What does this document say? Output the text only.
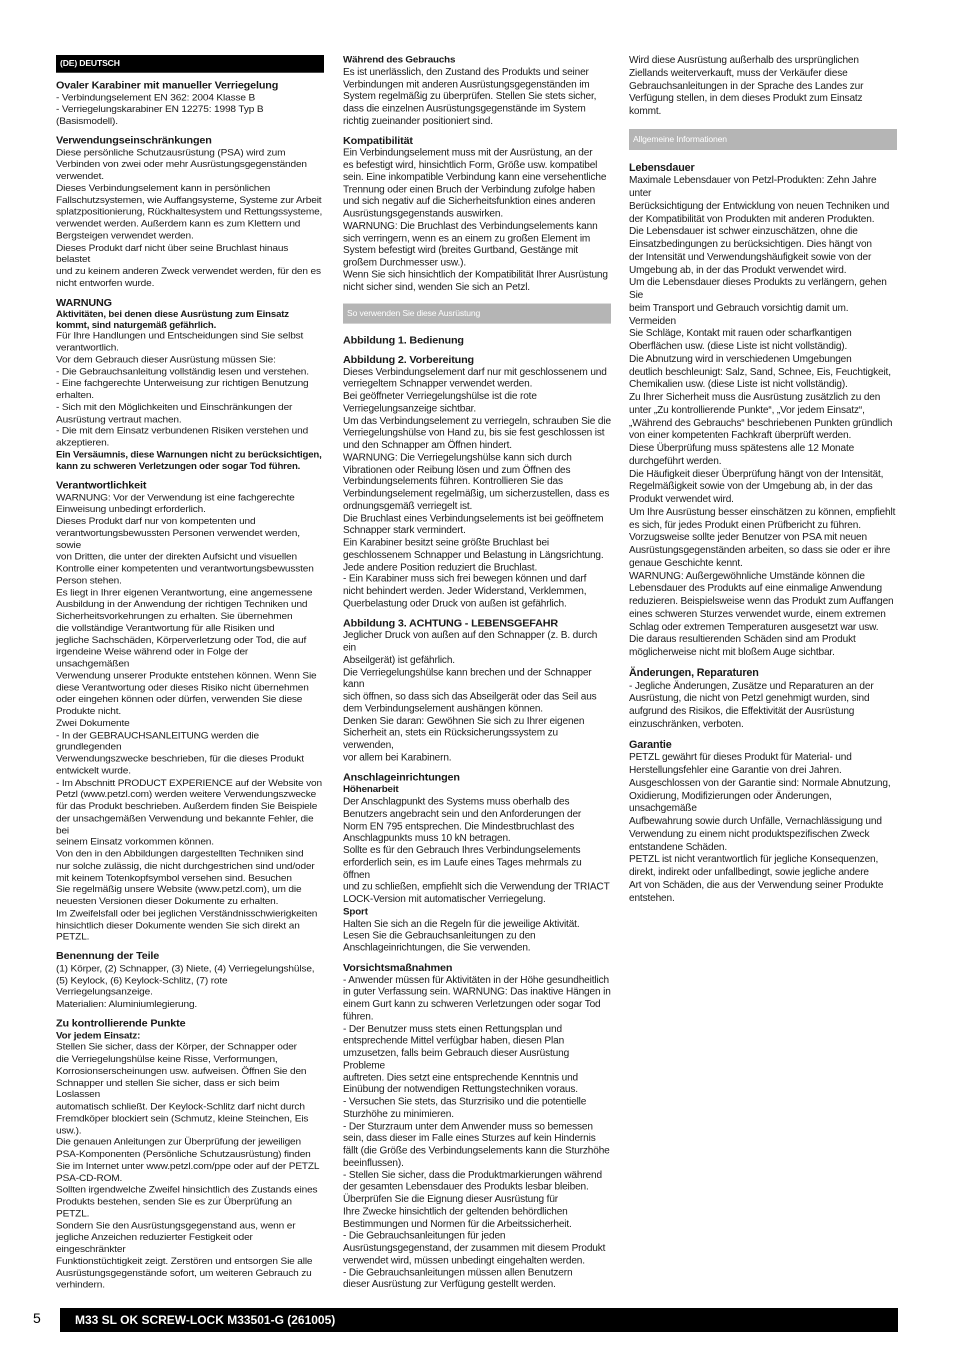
(DE) DEUTSCH
Ovaler Karabiner mit manueller Verriegelung
- Verbindungselement EN 362: 2004 Klasse B
- Verriegelungskarabiner EN 12275: 1998 Typ B
(Basismodell).
Verwendungseinschränkungen
Diese persönliche Schutzausrüstung (PSA) wird zum
Verbinden von zwei oder mehr Ausrüstungsgegenständen
verwendet.
Dieses Verbindungselement kann in persönlichen
Fallschutzsystemen, wie Auffangsysteme, Systeme zur Arbeit
splatzpositionierung, Rückhaltesystem und Rettungssysteme,
verwendet werden. Außerdem kann es zum Klettern und
Bergsteigen verwendet werden.
Dieses Produkt darf nicht über seine Bruchlast hinaus belastet
und zu keinem anderen Zweck verwendet werden, für den es
nicht entworfen wurde.
WARNUNG
Aktivitäten, bei denen diese Ausrüstung zum Einsatz
kommt, sind naturgemäß gefährlich.
Für Ihre Handlungen und Entscheidungen sind Sie selbst
verantwortlich.
Vor dem Gebrauch dieser Ausrüstung müssen Sie:
- Die Gebrauchsanleitung vollständig lesen und verstehen.
- Eine fachgerechte Unterweisung zur richtigen Benutzung
erhalten.
- Sich mit den Möglichkeiten und Einschränkungen der
Ausrüstung vertraut machen.
- Die mit dem Einsatz verbundenen Risiken verstehen und
akzeptieren.
Ein Versäumnis, diese Warnungen nicht zu berücksichtigen,
kann zu schweren Verletzungen oder sogar Tod führen.
Verantwortlichkeit
WARNUNG: Vor der Verwendung ist eine fachgerechte
Einweisung unbedingt erforderlich.
Dieses Produkt darf nur von kompetenten und
verantwortungsbewussten Personen verwendet werden, sowie
von Dritten, die unter der direkten Aufsicht und visuellen
Kontrolle einer kompetenten und verantwortungsbewussten
Person stehen.
Es liegt in Ihrer eigenen Verantwortung, eine angemessene
Ausbildung in der Anwendung der richtigen Techniken und
Sicherheitsvorkehrungen zu erhalten. Sie übernehmen
die vollständige Verantwortung für alle Risiken und
jegliche Sachschäden, Körperverletzung oder Tod, die auf
irgendeine Weise während oder in Folge der unsachgemäßen
Verwendung unserer Produkte entstehen können. Wenn Sie
diese Verantwortung oder dieses Risiko nicht übernehmen
oder eingehen können oder dürfen, verwenden Sie diese
Produkte nicht.
Zwei Dokumente
- In der GEBRAUCHSANLEITUNG werden die grundlegenden
Verwendungszwecke beschrieben, für die dieses Produkt
entwickelt wurde.
- Im Abschnitt PRODUCT EXPERIENCE auf der Website von
Petzl (www.petzl.com) werden weitere Verwendungszwecke
für das Produkt beschrieben. Außerdem finden Sie Beispiele
der unsachgemäßen Verwendung und bekannte Fehler, die bei
seinem Einsatz vorkommen können.
Von den in den Abbildungen dargestellten Techniken sind
nur solche zulässig, die nicht durchgestrichen sind und/oder
mit keinem Totenkopfsymbol versehen sind. Besuchen
Sie regelmäßig unsere Website (www.petzl.com), um die
neuesten Versionen dieser Dokumente zu erhalten.
Im Zweifelsfall oder bei jeglichen Verständnisschwierigkeiten
hinsichtlich dieser Dokumente wenden Sie sich direkt an
PETZL.
Benennung der Teile
(1) Körper, (2) Schnapper, (3) Niete, (4) Verriegelungshülse,
(5) Keylock, (6) Keylock-Schlitz, (7) rote
Verriegelungsanzeige.
Materialien: Aluminiumlegierung.
Zu kontrollierende Punkte
Vor jedem Einsatz:
Stellen Sie sicher, dass der Körper, der Schnapper oder
die Verriegelungshülse keine Risse, Verformungen,
Korrosionserscheinungen usw. aufweisen. Öffnen Sie den
Schnapper und stellen Sie sicher, dass er sich beim Loslassen
automatisch schließt. Der Keylock-Schlitz darf nicht durch
Fremdköper blockiert sein (Schmutz, kleine Steinchen, Eis
usw.).
Die genauen Anleitungen zur Überprüfung der jeweiligen
PSA-Komponenten (Persönliche Schutzausrüstung) finden
Sie im Internet unter www.petzl.com/ppe oder auf der PETZL
PSA-CD-ROM.
Sollten irgendwelche Zweifel hinsichtlich des Zustands eines
Produkts bestehen, senden Sie es zur Überprüfung an PETZL.
Sondern Sie den Ausrüstungsgegenstand aus, wenn er
jegliche Anzeichen reduzierter Festigkeit oder eingeschränkter
Funktionstüchtigkeit zeigt. Zerstören und entsorgen Sie alle
Ausrüstungsgegenstände sofort, um weiteren Gebrauch zu
verhindern.
Während des Gebrauchs
Es ist unerlässlich, den Zustand des Produkts und seiner
Verbindungen mit anderen Ausrüstungsgegenständen im
System regelmäßig zu überprüfen. Stellen Sie stets sicher,
dass die einzelnen Ausrüstungsgegenstände im System
richtig zueinander positioniert sind.
Kompatibilität
Ein Verbindungselement muss mit der Ausrüstung, an der
es befestigt wird, hinsichtlich Form, Größe usw. kompatibel
sein. Eine inkompatible Verbindung kann eine versehentliche
Trennung oder einen Bruch der Verbindung zufolge haben
und sich negativ auf die Sicherheitsfunktion eines anderen
Ausrüstungsgegenstands auswirken.
WARNUNG: Die Bruchlast des Verbindungselements kann
sich verringern, wenn es an einem zu großen Element im
System befestigt wird (breites Gurtband, Gestänge mit
großem Durchmesser usw.).
Wenn Sie sich hinsichtlich der Kompatibilität Ihrer Ausrüstung
nicht sicher sind, wenden Sie sich an Petzl.
So verwenden Sie diese Ausrüstung
Abbildung 1. Bedienung
Abbildung 2. Vorbereitung
Dieses Verbindungselement darf nur mit geschlossenem und
verriegeltem Schnapper verwendet werden.
Bei geöffneter Verriegelungshülse ist die rote
Verriegelungsanzeige sichtbar.
Um das Verbindungselement zu verriegeln, schrauben Sie die
Verriegelungshülse von Hand zu, bis sie fest geschlossen ist
und den Schnapper am Öffnen hindert.
WARNUNG: Die Verriegelungshülse kann sich durch
Vibrationen oder Reibung lösen und zum Öffnen des
Verbindungselements führen. Kontrollieren Sie das
Verbindungselement regelmäßig, um sicherzustellen, dass es
ordnungsgemäß verriegelt ist.
Die Bruchlast eines Verbindungselements ist bei geöffnetem
Schnapper stark vermindert.
Ein Karabiner besitzt seine größte Bruchlast bei
geschlossenem Schnapper und Belastung in Längsrichtung.
Jede andere Position reduziert die Bruchlast.
- Ein Karabiner muss sich frei bewegen können und darf
nicht behindert werden. Jeder Widerstand, Verklemmen,
Querbelastung oder Druck von außen ist gefährlich.
Abbildung 3. ACHTUNG - LEBENSGEFAHR
Jeglicher Druck von außen auf den Schnapper (z. B. durch ein
Abseilgerät) ist gefährlich.
Die Verriegelungshülse kann brechen und der Schnapper kann
sich öffnen, so dass sich das Abseilgerät oder das Seil aus
dem Verbindungselement aushängen können.
Denken Sie daran: Gewöhnen Sie sich zu Ihrer eigenen
Sicherheit an, stets ein Rücksicherungssystem zu verwenden,
vor allem bei Karabinern.
Anschlageinrichtungen
Höhenarbeit
Der Anschlagpunkt des Systems muss oberhalb des
Benutzers angebracht sein und den Anforderungen der
Norm EN 795 entsprechen. Die Mindestbruchlast des
Anschlagpunkts muss 10 kN betragen.
Sollte es für den Gebrauch Ihres Verbindungselements
erforderlich sein, es im Laufe eines Tages mehrmals zu öffnen
und zu schließen, empfiehlt sich die Verwendung der TRIACT
LOCK-Version mit automatischer Verriegelung.
Sport
Halten Sie sich an die Regeln für die jeweilige Aktivität.
Lesen Sie die Gebrauchsanleitungen zu den
Anschlageinrichtungen, die Sie verwenden.
Vorsichtsmaßnahmen
- Anwender müssen für Aktivitäten in der Höhe gesundheitlich
in guter Verfassung sein. WARNUNG: Das inaktive Hängen in
einem Gurt kann zu schweren Verletzungen oder sogar Tod
führen.
- Der Benutzer muss stets einen Rettungsplan und
entsprechende Mittel verfügbar haben, diesen Plan
umzusetzen, falls beim Gebrauch dieser Ausrüstung Probleme
auftreten. Dies setzt eine entsprechende Kenntnis und
Einübung der notwendigen Rettungstechniken voraus.
- Versuchen Sie stets, das Sturzrisiko und die potentielle
Sturzhöhe zu minimieren.
- Der Sturzraum unter dem Anwender muss so bemessen
sein, dass dieser im Falle eines Sturzes auf kein Hindernis
fällt (die Größe des Verbindungselements kann die Sturzhöhe
beeinflussen).
- Stellen Sie sicher, dass die Produktmarkierungen während
der gesamten Lebensdauer des Produkts lesbar bleiben.
Überprüfen Sie die Eignung dieser Ausrüstung für
Ihre Zwecke hinsichtlich der geltenden behördlichen
Bestimmungen und Normen für die Arbeitssicherheit.
- Die Gebrauchsanleitungen für jeden
Ausrüstungsgegenstand, der zusammen mit diesem Produkt
verwendet wird, müssen unbedingt eingehalten werden.
- Die Gebrauchsanleitungen müssen allen Benutzern
dieser Ausrüstung zur Verfügung gestellt werden.
Wird diese Ausrüstung außerhalb des ursprünglichen
Ziellands weiterverkauft, muss der Verkäufer diese
Gebrauchsanleitungen in der Sprache des Landes zur
Verfügung stellen, in dem dieses Produkt zum Einsatz kommt.
Allgemeine Informationen
Lebensdauer
Maximale Lebensdauer von Petzl-Produkten: Zehn Jahre unter
Berücksichtigung der Entwicklung von neuen Techniken und
der Kompatibilität von Produkten mit anderen Produkten.
Die Lebensdauer ist schwer einzuschätzen, ohne die
Einsatzbedingungen zu berücksichtigen. Dies hängt von
der Intensität und Verwendungshäufigkeit sowie von der
Umgebung ab, in der das Produkt verwendet wird.
Um die Lebensdauer dieses Produkts zu verlängern, gehen Sie
beim Transport und Gebrauch vorsichtig damit um. Vermeiden
Sie Schläge, Kontakt mit rauen oder scharfkantigen
Oberflächen usw. (diese Liste ist nicht vollständig).
Die Abnutzung wird in verschiedenen Umgebungen
deutlich beschleunigt: Salz, Sand, Schnee, Eis, Feuchtigkeit,
Chemikalien usw. (diese Liste ist nicht vollständig).
Zu Ihrer Sicherheit muss die Ausrüstung zusätzlich zu den
unter „Zu kontrollierende Punkte“, „Vor jedem Einsatz“,
„Während des Gebrauchs“ beschriebenen Punkten gründlich
von einer kompetenten Fachkraft überprüft werden.
Diese Überprüfung muss spätestens alle 12 Monate
durchgeführt werden.
Die Häufigkeit dieser Überprüfung hängt von der Intensität,
Regelmäßigkeit sowie von der Umgebung ab, in der das
Produkt verwendet wird.
Um Ihre Ausrüstung besser einschätzen zu können, empfiehlt
es sich, für jedes Produkt einen Prüfbericht zu führen.
Vorzugsweise sollte jeder Benutzer von PSA mit neuen
Ausrüstungsgegenständen arbeiten, so dass sie oder er ihre
genaue Geschichte kennt.
WARNUNG: Außergewöhnliche Umstände können die
Lebensdauer des Produkts auf eine einmalige Anwendung
reduzieren. Beispielsweise wenn das Produkt zum Auffangen
eines schweren Sturzes verwendet wurde, einem extremen
Schlag oder extremen Temperaturen ausgesetzt war usw.
Die daraus resultierenden Schäden sind am Produkt
möglicherweise nicht mit bloßem Auge sichtbar.
Änderungen, Reparaturen
- Jegliche Änderungen, Zusätze und Reparaturen an der
Ausrüstung, die nicht von Petzl genehmigt wurden, sind
aufgrund des Risikos, die Effektivität der Ausrüstung
einzuschränken, verboten.
Garantie
PETZL gewährt für dieses Produkt für Material- und
Herstellungsfehler eine Garantie von drei Jahren.
Ausgeschlossen von der Garantie sind: Normale Abnutzung,
Oxidierung, Modifizierungen oder Änderungen, unsachgemäße
Aufbewahrung sowie durch Unfälle, Vernachlässigung und
Verwendung zu einem nicht produktspezifischen Zweck
entstandene Schäden.
PETZL ist nicht verantwortlich für jegliche Konsequenzen,
direkt, indirekt oder unfallbedingt, sowie jegliche andere
Art von Schäden, die aus der Verwendung seiner Produkte
entstehen.
5	M33 SL OK SCREW-LOCK M33501-G (261005)
